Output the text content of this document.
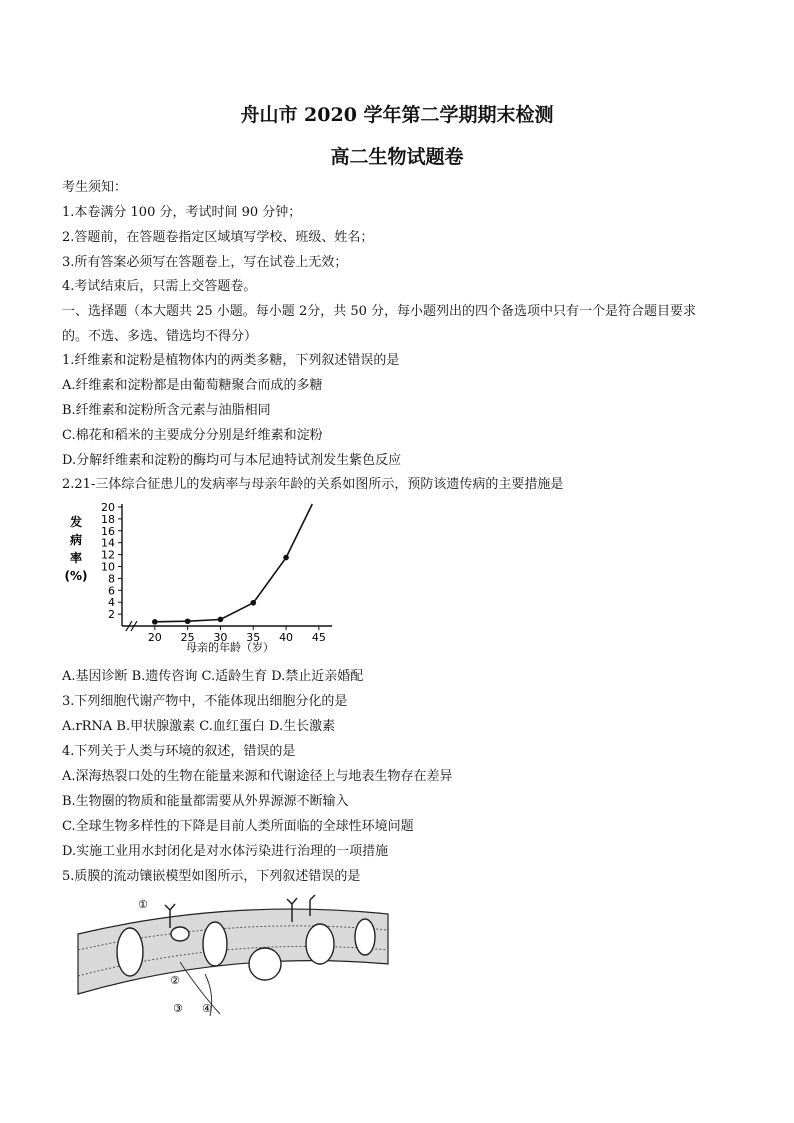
舟山市 2020 学年第二学期期末检测
高二生物试题卷
考生须知：
1.本卷满分 100 分，考试时间 90 分钟；
2.答题前，在答题卷指定区域填写学校、班级、姓名；
3.所有答案必须写在答题卷上，写在试卷上无效；
4.考试结束后，只需上交答题卷。
一、选择题（本大题共 25 小题。每小题 2分，共 50 分，每小题列出的四个备选项中只有一个是符合题目要求
的。不选、多选、错选均不得分）
1.纤维素和淀粉是植物体内的两类多糖，下列叙述错误的是
A.纤维素和淀粉都是由葡萄糖聚合而成的多糖
B.纤维素和淀粉所含元素与油脂相同
C.棉花和稻米的主要成分分别是纤维素和淀粉
D.分解纤维素和淀粉的酶均可与本尼迪特试剂发生紫色反应
2.21-三体综合征患儿的发病率与母亲年龄的关系如图所示，预防该遗传病的主要措施是
2
4
6
8
10
12
14
16
18
20
20 25 30 35 40 45
发
病
率
(%)
母亲的年龄（岁）
A.基因诊断 B.遗传咨询 C.适龄生育 D.禁止近亲婚配
3.下列细胞代谢产物中，不能体现出细胞分化的是
A.rRNA B.甲状腺激素 C.血红蛋白 D.生长激素
4.下列关于人类与环境的叙述，错误的是
A.深海热裂口处的生物在能量来源和代谢途径上与地表生物存在差异
B.生物圈的物质和能量都需要从外界源源不断输入
C.全球生物多样性的下降是目前人类所面临的全球性环境问题
D.实施工业用水封闭化是对水体污染进行治理的一项措施
5.质膜的流动镶嵌模型如图所示，下列叙述错误的是
①
②
③ ④
